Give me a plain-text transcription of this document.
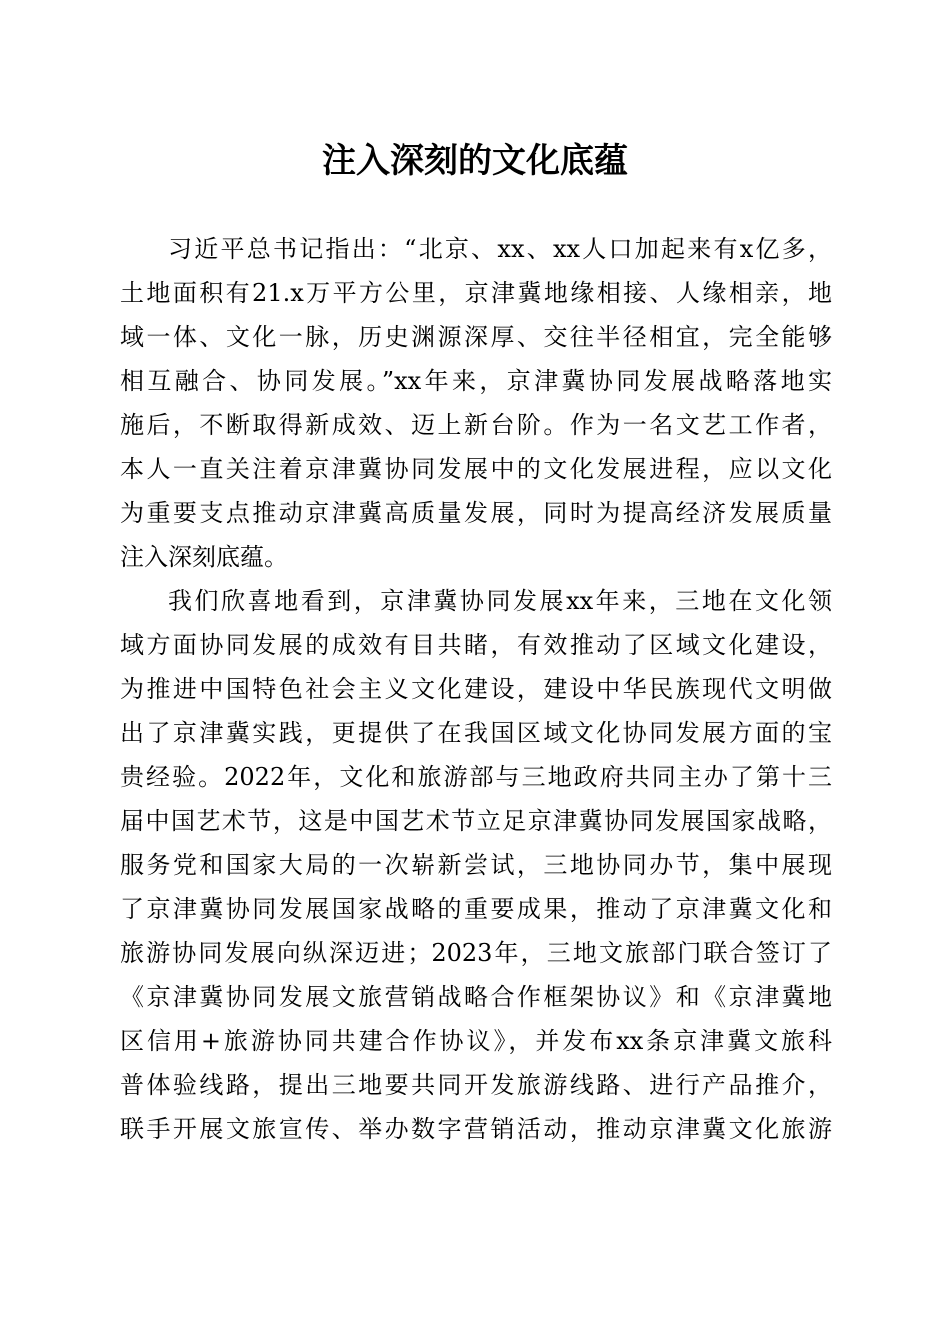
注入深刻的文化底蕴
习近平总书记指出：“北京、xx、xx人口加起来有x亿多，
土地面积有21.x万平方公里，京津冀地缘相接、人缘相亲，地
域一体、文化一脉，历史渊源深厚、交往半径相宜，完全能够
相互融合、协同发展。”xx年来，京津冀协同发展战略落地实
施后，不断取得新成效、迈上新台阶。作为一名文艺工作者，
本人一直关注着京津冀协同发展中的文化发展进程，应以文化
为重要支点推动京津冀高质量发展，同时为提高经济发展质量
注入深刻底蕴。
我们欣喜地看到，京津冀协同发展xx年来，三地在文化领
域方面协同发展的成效有目共睹，有效推动了区域文化建设，
为推进中国特色社会主义文化建设，建设中华民族现代文明做
出了京津冀实践，更提供了在我国区域文化协同发展方面的宝
贵经验。2022年，文化和旅游部与三地政府共同主办了第十三
届中国艺术节，这是中国艺术节立足京津冀协同发展国家战略，
服务党和国家大局的一次崭新尝试，三地协同办节，集中展现
了京津冀协同发展国家战略的重要成果，推动了京津冀文化和
旅游协同发展向纵深迈进；2023年，三地文旅部门联合签订了
《京津冀协同发展文旅营销战略合作框架协议》和《京津冀地
区信用+旅游协同共建合作协议》，并发布xx条京津冀文旅科
普体验线路，提出三地要共同开发旅游线路、进行产品推介，
联手开展文旅宣传、举办数字营销活动，推动京津冀文化旅游
